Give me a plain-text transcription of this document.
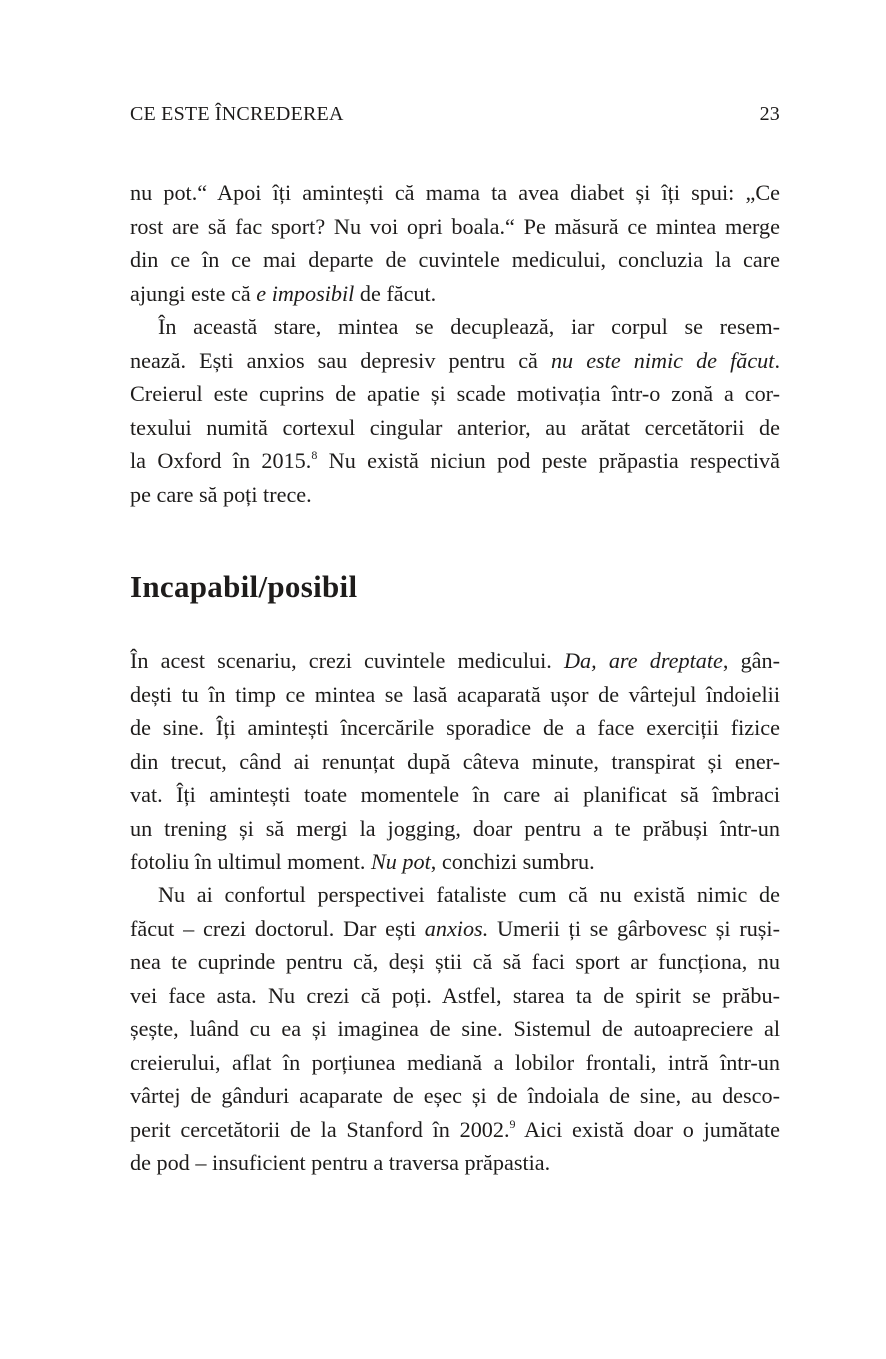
CE ESTE ÎNCREDEREA	23
nu pot.“ Apoi îți amintești că mama ta avea diabet și îți spui: „Ce
rost are să fac sport? Nu voi opri boala.“ Pe măsură ce mintea merge
din ce în ce mai departe de cuvintele medicului, concluzia la care
ajungi este că e imposibil de făcut.
În această stare, mintea se decuplează, iar corpul se resem-
nează. Ești anxios sau depresiv pentru că nu este nimic de făcut.
Creierul este cuprins de apatie și scade motivația într-o zonă a cor-
texului numită cortexul cingular anterior, au arătat cercetătorii de
la Oxford în 2015.$^8$ Nu există niciun pod peste prăpastia respectivă
pe care să poți trece.
Incapabil/posibil
În acest scenariu, crezi cuvintele medicului. Da, are dreptate, gân-
dești tu în timp ce mintea se lasă acaparată ușor de vârtejul îndoielii
de sine. Îți amintești încercările sporadice de a face exerciții fizice
din trecut, când ai renunțat după câteva minute, transpirat și ener-
vat. Îți amintești toate momentele în care ai planificat să îmbraci
un trening și să mergi la jogging, doar pentru a te prăbuși într-un
fotoliu în ultimul moment. Nu pot, conchizi sumbru.
Nu ai confortul perspectivei fataliste cum că nu există nimic de
făcut – crezi doctorul. Dar ești anxios. Umerii ți se gârbovesc și ruși-
nea te cuprinde pentru că, deși știi că să faci sport ar funcționa, nu
vei face asta. Nu crezi că poți. Astfel, starea ta de spirit se prăbu-
șește, luând cu ea și imaginea de sine. Sistemul de autoapreciere al
creierului, aflat în porțiunea mediană a lobilor frontali, intră într-un
vârtej de gânduri acaparate de eșec și de îndoiala de sine, au desco-
perit cercetătorii de la Stanford în 2002.$^9$ Aici există doar o jumătate
de pod – insuficient pentru a traversa prăpastia.
